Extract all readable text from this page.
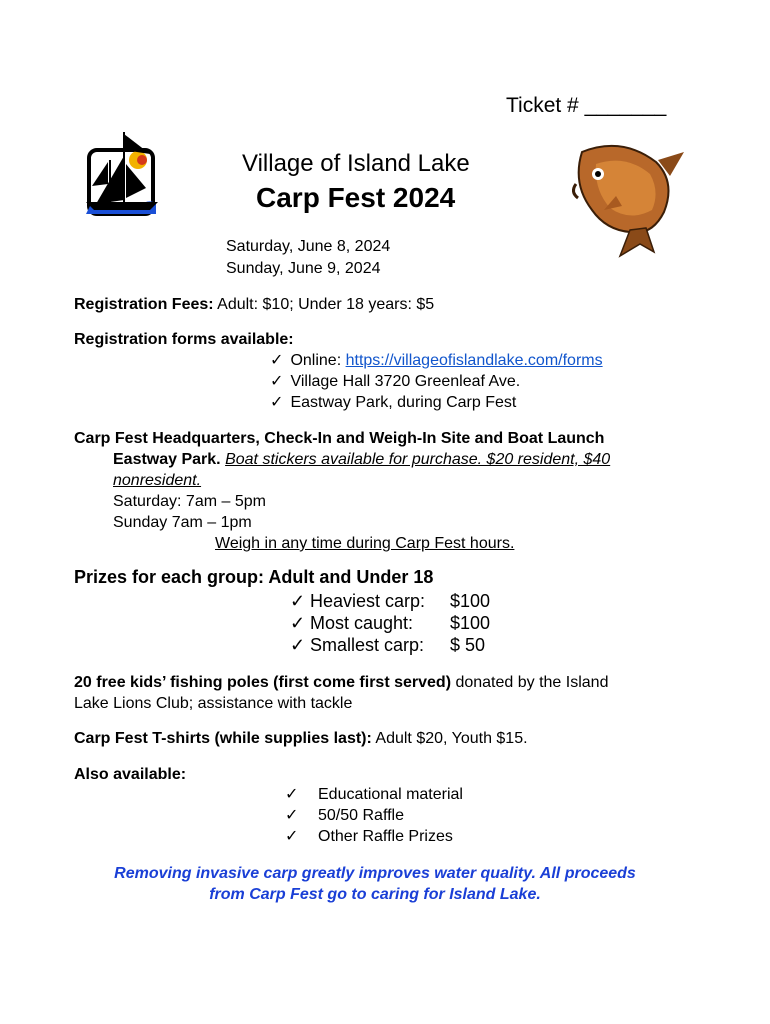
Ticket # _______
Village of Island Lake
Carp Fest 2024
Saturday, June 8, 2024
Sunday, June 9, 2024
Registration Fees: Adult: $10; Under 18 years: $5
Registration forms available:
✓ Online: https://villageofislandlake.com/forms
✓ Village Hall 3720 Greenleaf Ave.
✓ Eastway Park, during Carp Fest
Carp Fest Headquarters, Check-In and Weigh-In Site and Boat Launch
Eastway Park. Boat stickers available for purchase. $20 resident, $40
nonresident.
Saturday: 7am – 5pm
Sunday 7am – 1pm
Weigh in any time during Carp Fest hours.
Prizes for each group: Adult and Under 18
✓ Heaviest carp:	$100
✓ Most caught:	$100
✓ Smallest carp:	$ 50
20 free kids’ fishing poles (first come first served) donated by the Island
Lake Lions Club; assistance with tackle
Carp Fest T-shirts (while supplies last): Adult $20, Youth $15.
Also available:
✓	Educational material
✓	50/50 Raffle
✓	Other Raffle Prizes
Removing invasive carp greatly improves water quality. All proceeds
from Carp Fest go to caring for Island Lake.
